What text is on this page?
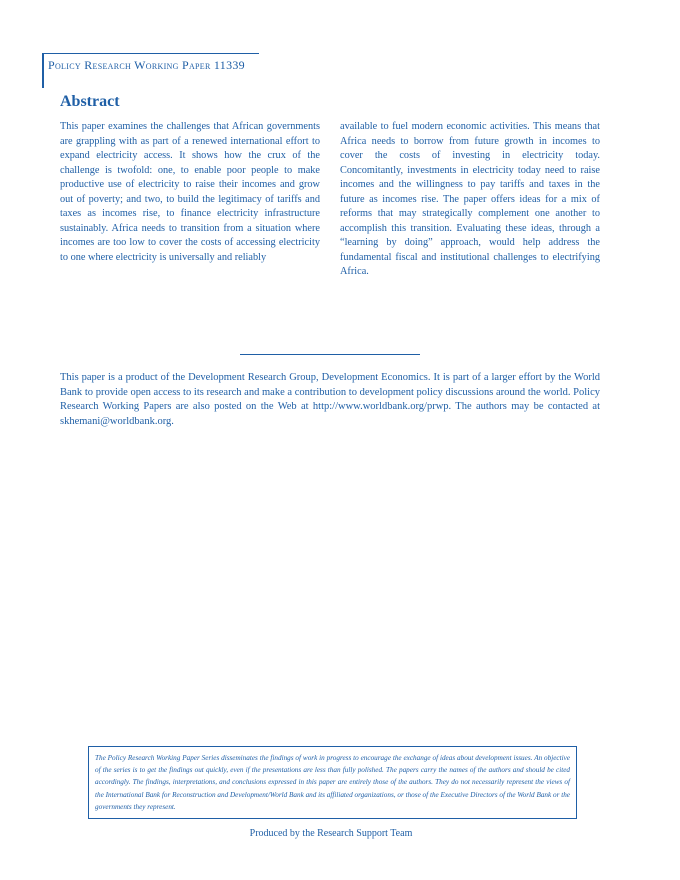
Policy Research Working Paper 11339
Abstract

This paper examines the challenges that African governments are grappling with as part of a renewed international effort to expand electricity access. It shows how the crux of the challenge is twofold: one, to enable poor people to make productive use of electricity to raise their incomes and grow out of poverty; and two, to build the legitimacy of tariffs and taxes as incomes rise, to finance electricity infrastructure sustainably. Africa needs to transition from a situation where incomes are too low to cover the costs of accessing electricity to one where electricity is universally and reliably

available to fuel modern economic activities. This means that Africa needs to borrow from future growth in incomes to cover the costs of investing in electricity today. Concomitantly, investments in electricity today need to raise incomes and the willingness to pay tariffs and taxes in the future as incomes rise. The paper offers ideas for a mix of reforms that may strategically complement one another to accomplish this transition. Evaluating these ideas, through a “learning by doing” approach, would help address the fundamental fiscal and institutional challenges to electrifying Africa.

This paper is a product of the Development Research Group, Development Economics. It is part of a larger effort by the World Bank to provide open access to its research and make a contribution to development policy discussions around the world. Policy Research Working Papers are also posted on the Web at http://www.worldbank.org/prwp. The authors may be contacted at skhemani@worldbank.org.

The Policy Research Working Paper Series disseminates the findings of work in progress to encourage the exchange of ideas about development issues. An objective of the series is to get the findings out quickly, even if the presentations are less than fully polished. The papers carry the names of the authors and should be cited accordingly. The findings, interpretations, and conclusions expressed in this paper are entirely those of the authors. They do not necessarily represent the views of the International Bank for Reconstruction and Development/World Bank and its affiliated organizations, or those of the Executive Directors of the World Bank or the governments they represent.

Produced by the Research Support Team
